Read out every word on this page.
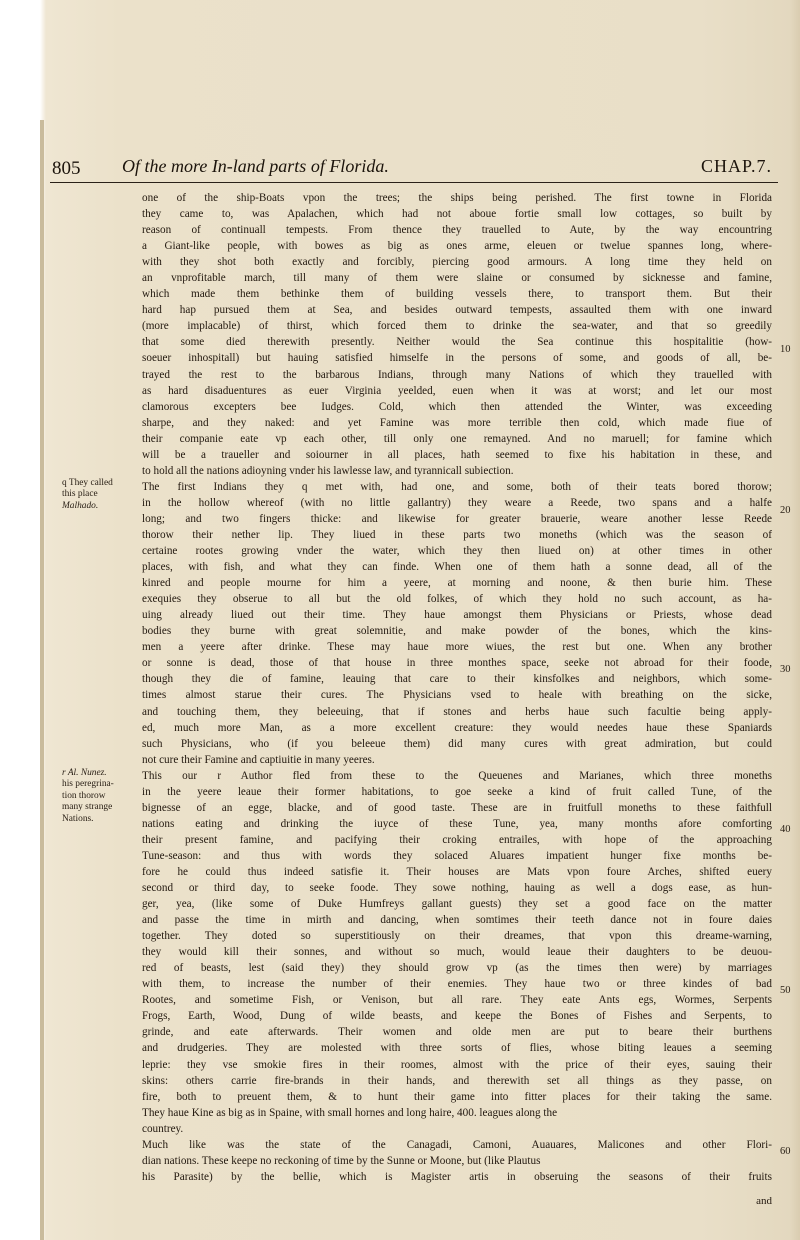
805 Of the more In-land parts of Florida.	CHAP.7.

one of the ship-Boats vpon the trees; the ships being perished. The first towne in Florida

they came to, was Apalachen, which had not aboue fortie small low cottages, so built by

reason of continuall tempests. From thence they trauelled to Aute, by the way encountring

a Giant-like people, with bowes as big as ones arme, eleuen or twelue spannes long, where-

with they shot both exactly and forcibly, piercing good armours. A long time they held on

an vnprofitable march, till many of them were slaine or consumed by sicknesse and famine,

which made them bethinke them of building vessels there, to transport them. But their

hard hap pursued them at Sea, and besides outward tempests, assaulted them with one inward

(more implacable) of thirst, which forced them to drinke the sea-water, and that so greedily

that some died therewith presently. Neither would the Sea continue this hospitalitie (how-

soeuer inhospitall) but hauing satisfied himselfe in the persons of some, and goods of all, be-

trayed the rest to the barbarous Indians, through many Nations of which they trauelled with

as hard disaduentures as euer Virginia yeelded, euen when it was at worst; and let our most

clamorous excepters bee Iudges. Cold, which then attended the Winter, was exceeding

sharpe, and they naked: and yet Famine was more terrible then cold, which made fiue of

their companie eate vp each other, till only one remayned. And no maruell; for famine which

will be a traueller and soiourner in all places, hath seemed to fixe his habitation in these, and

to hold all the nations adioyning vnder his lawlesse law, and tyrannicall subiection.

The first Indians they q met with, had one, and some, both of their teats bored thorow;

in the hollow whereof (with no little gallantry) they weare a Reede, two spans and a halfe

long; and two fingers thicke: and likewise for greater brauerie, weare another lesse Reede

thorow their nether lip. They liued in these parts two moneths (which was the season of

certaine rootes growing vnder the water, which they then liued on) at other times in other

places, with fish, and what they can finde. When one of them hath a sonne dead, all of the

kinred and people mourne for him a yeere, at morning and noone, & then burie him. These

exequies they obserue to all but the old folkes, of which they hold no such account, as ha-

uing already liued out their time. They haue amongst them Physicians or Priests, whose dead

bodies they burne with great solemnitie, and make powder of the bones, which the kins-

men a yeere after drinke. These may haue more wiues, the rest but one. When any brother

or sonne is dead, those of that house in three monthes space, seeke not abroad for their foode,

though they die of famine, leauing that care to their kinsfolkes and neighbors, which some-

times almost starue their cures. The Physicians vsed to heale with breathing on the sicke,

and touching them, they beleeuing, that if stones and herbs haue such facultie being apply-

ed, much more Man, as a more excellent creature: they would needes haue these Spaniards

such Physicians, who (if you beleeue them) did many cures with great admiration, but could

not cure their Famine and captiuitie in many yeeres.

This our r Author fled from these to the Queuenes and Marianes, which three moneths

in the yeere leaue their former habitations, to goe seeke a kind of fruit called Tune, of the

bignesse of an egge, blacke, and of good taste. These are in fruitfull moneths to these faithfull

nations eating and drinking the iuyce of these Tune, yea, many months afore comforting

their present famine, and pacifying their croking entrailes, with hope of the approaching

Tune-season: and thus with words they solaced Aluares impatient hunger fixe months be-

fore he could thus indeed satisfie it. Their houses are Mats vpon foure Arches, shifted euery

second or third day, to seeke foode. They sowe nothing, hauing as well a dogs ease, as hun-

ger, yea, (like some of Duke Humfreys gallant guests) they set a good face on the matter

and passe the time in mirth and dancing, when somtimes their teeth dance not in foure daies

together. They doted so superstitiously on their dreames, that vpon this dreame-warning,

they would kill their sonnes, and without so much, would leaue their daughters to be deuou-

red of beasts, lest (said they) they should grow vp (as the times then were) by marriages

with them, to increase the number of their enemies. They haue two or three kindes of bad

Rootes, and sometime Fish, or Venison, but all rare. They eate Ants egs, Wormes, Serpents

Frogs, Earth, Wood, Dung of wilde beasts, and keepe the Bones of Fishes and Serpents, to

grinde, and eate afterwards. Their women and olde men are put to beare their burthens

and drudgeries. They are molested with three sorts of flies, whose biting leaues a seeming

leprie: they vse smokie fires in their roomes, almost with the price of their eyes, sauing their

skins: others carrie fire-brands in their hands, and therewith set all things as they passe, on

fire, both to preuent them, & to hunt their game into fitter places for their taking the same.

They haue Kine as big as in Spaine, with small hornes and long haire, 400. leagues along the

countrey.

Much like was the state of the Canagadi, Camoni, Auauares, Malicones and other Flori-

dian nations. These keepe no reckoning of time by the Sunne or Moone, but (like Plautus

his Parasite) by the bellie, which is Magister artis in obseruing the seasons of their fruits

q They called
this place
Malhado.
r Al. Nunez.
his peregrina-
tion thorow
many strange
Nations.
10
20
30
40
50
60
and
